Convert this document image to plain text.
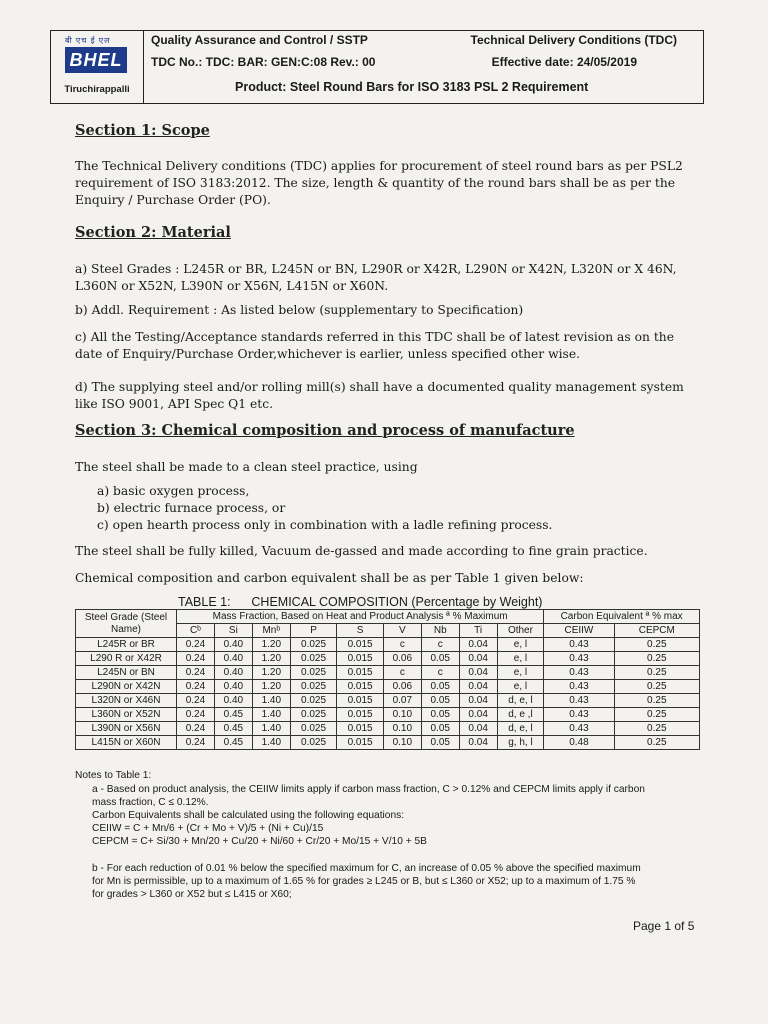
बी एच ई एल
BHEL
Tiruchirappalli
Quality Assurance and Control / SSTP	Technical Delivery Conditions (TDC)
TDC No.: TDC: BAR: GEN:C:08 Rev.: 00	Effective date: 24/05/2019
Product: Steel Round Bars for ISO 3183 PSL 2 Requirement
Section 1: Scope
The Technical Delivery conditions (TDC) applies for procurement of steel round bars as per PSL2 requirement of ISO 3183:2012. The size, length & quantity of the round bars shall be as per the Enquiry / Purchase Order (PO).
Section 2: Material
a) Steel Grades : L245R or BR, L245N or BN, L290R or X42R, L290N or X42N, L320N or X 46N, L360N or X52N, L390N or X56N, L415N or X60N.
b) Addl. Requirement : As listed below (supplementary to Specification)
c) All the Testing/Acceptance standards referred in this TDC shall be of latest revision as on the date of Enquiry/Purchase Order,whichever is earlier, unless specified other wise.
d) The supplying steel and/or rolling mill(s) shall have a documented quality management system like ISO 9001, API Spec Q1 etc.
Section 3: Chemical composition and process of manufacture
The steel shall be made to a clean steel practice, using
a) basic oxygen process,
b) electric furnace process, or
c) open hearth process only in combination with a ladle refining process.
The steel shall be fully killed, Vacuum de-gassed and made according to fine grain practice.
Chemical composition and carbon equivalent shall be as per Table 1 given below:
TABLE 1:      CHEMICAL COMPOSITION (Percentage by Weight)
Steel Grade (Steel Name)	Mass Fraction, Based on Heat and Product Analysis ª % Maximum									Carbon Equivalent ª % max	
	Cᵇ	Si	Mnᵇ	P	S	V	Nb	Ti	Other	CEIIW	CEPCM
L245R or BR	0.24	0.40	1.20	0.025	0.015	c	c	0.04	e, l	0.43	0.25
L290 R or X42R	0.24	0.40	1.20	0.025	0.015	0.06	0.05	0.04	e, l	0.43	0.25
L245N or BN	0.24	0.40	1.20	0.025	0.015	c	c	0.04	e, l	0.43	0.25
L290N or X42N	0.24	0.40	1.20	0.025	0.015	0.06	0.05	0.04	e, l	0.43	0.25
L320N or X46N	0.24	0.40	1.40	0.025	0.015	0.07	0.05	0.04	d, e, l	0.43	0.25
L360N or X52N	0.24	0.45	1.40	0.025	0.015	0.10	0.05	0.04	d, e ,l	0.43	0.25
L390N or X56N	0.24	0.45	1.40	0.025	0.015	0.10	0.05	0.04	d, e, l	0.43	0.25
L415N or X60N	0.24	0.45	1.40	0.025	0.015	0.10	0.05	0.04	g, h, l	0.48	0.25
Notes to Table 1:
a - Based on product analysis, the CEIIW limits apply if carbon mass fraction, C > 0.12% and CEPCM limits apply if carbon
mass fraction, C ≤ 0.12%.
Carbon Equivalents shall be calculated using the following equations:
CEIIW = C + Mn/6 + (Cr + Mo + V)/5 + (Ni + Cu)/15
CEPCM = C+ Si/30 + Mn/20 + Cu/20 + Ni/60 + Cr/20 + Mo/15 + V/10 + 5B
b - For each reduction of 0.01 % below the specified maximum for C, an increase of 0.05 % above the specified maximum
for Mn is permissible, up to a maximum of 1.65 % for grades ≥ L245 or B, but ≤ L360 or X52; up to a maximum of 1.75 %
for grades > L360 or X52 but ≤ L415 or X60;
Page 1 of 5
